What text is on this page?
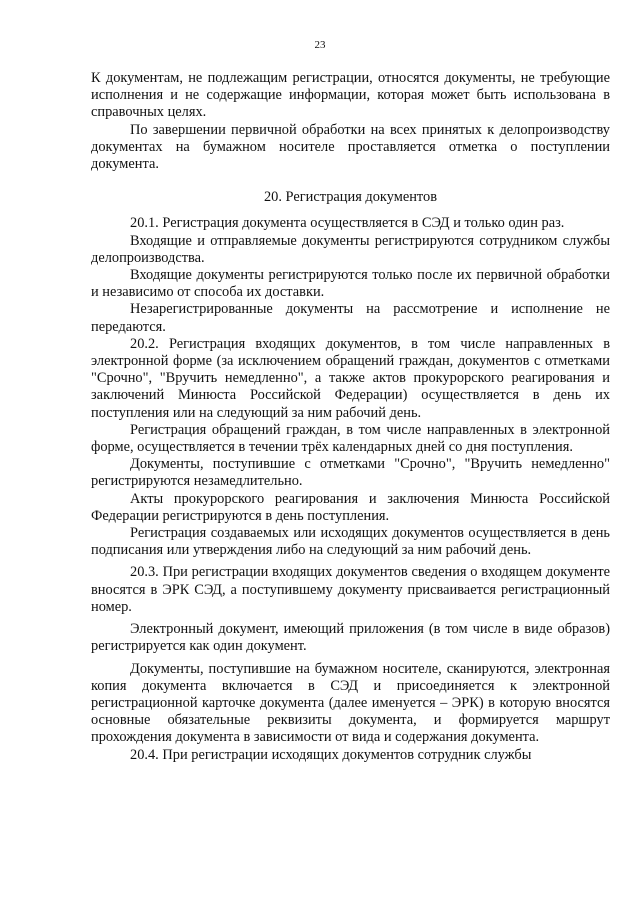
23

К документам, не подлежащим регистрации, относятся документы, не требующие исполнения и не содержащие информации, которая может быть использована в справочных целях.

По завершении первичной обработки на всех принятых к делопроизводству документах на бумажном носителе проставляется отметка о поступлении документа.

20. Регистрация документов

20.1. Регистрация документа осуществляется в СЭД и только один раз.

Входящие и отправляемые документы регистрируются сотрудником службы делопроизводства.

Входящие документы регистрируются только после их первичной обработки и независимо от способа их доставки.

Незарегистрированные документы на рассмотрение и исполнение не передаются.

20.2. Регистрация входящих документов, в том числе направленных в электронной форме (за исключением обращений граждан, документов с отметками "Срочно", "Вручить немедленно", а также актов прокурорского реагирования и заключений Минюста Российской Федерации) осуществляется в день их поступления или на следующий за ним рабочий день.

Регистрация обращений граждан, в том числе направленных в электронной форме, осуществляется в течении трёх календарных дней со дня поступления.

Документы, поступившие с отметками "Срочно", "Вручить немедленно" регистрируются незамедлительно.

Акты прокурорского реагирования и заключения Минюста Российской Федерации регистрируются в день поступления.

Регистрация создаваемых или исходящих документов осуществляется в день подписания или утверждения либо на следующий за ним рабочий день.

20.3. При регистрации входящих документов сведения о входящем документе вносятся в ЭРК СЭД, а поступившему документу присваивается регистрационный номер.

Электронный документ, имеющий приложения (в том числе в виде образов) регистрируется как один документ.

Документы, поступившие на бумажном носителе, сканируются, электронная копия документа включается в СЭД и присоединяется к электронной регистрационной карточке документа (далее именуется – ЭРК) в которую вносятся основные обязательные реквизиты документа, и формируется маршрут прохождения документа в зависимости от вида и содержания документа.

20.4. При регистрации исходящих документов сотрудник службы
